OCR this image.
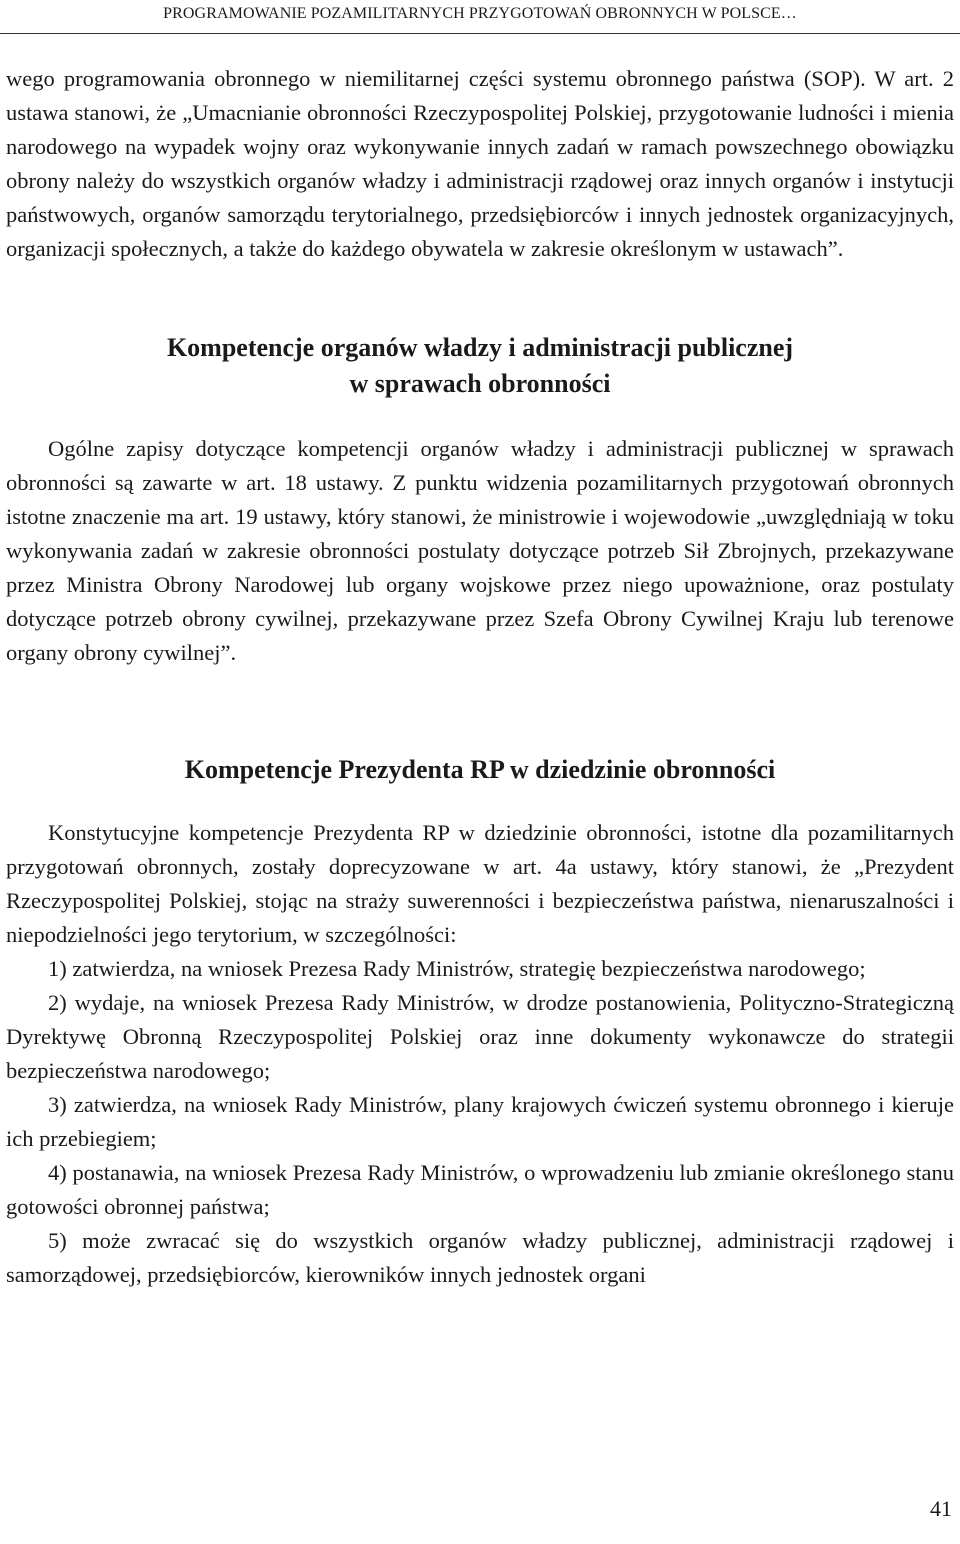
PROGRAMOWANIE POZAMILITARNYCH PRZYGOTOWAŃ OBRONNYCH W POLSCE…

wego programowania obronnego w niemilitarnej części systemu obronnego państwa (SOP). W art. 2 ustawa stanowi, że „Umacnianie obronności Rzeczypospolitej Polskiej, przygotowanie ludności i mienia narodowego na wypadek wojny oraz wykonywanie innych zadań w ramach powszechnego obowiązku obrony należy do wszystkich organów władzy i administracji rządowej oraz innych organów i instytucji państwowych, organów samorządu terytorialnego, przedsiębiorców i innych jednostek organizacyjnych, organizacji społecznych, a także do każdego obywatela w zakresie określonym w ustawach”.

Kompetencje organów władzy i administracji publicznej
w sprawach obronności

Ogólne zapisy dotyczące kompetencji organów władzy i administracji publicznej w sprawach obronności są zawarte w art. 18 ustawy. Z punktu widzenia pozamilitarnych przygotowań obronnych istotne znaczenie ma art. 19 ustawy, który stanowi, że ministrowie i wojewodowie „uwzględniają w toku wykonywania zadań w zakresie obronności postulaty dotyczące potrzeb Sił Zbrojnych, przekazywane przez Ministra Obrony Narodowej lub organy wojskowe przez niego upoważnione, oraz postulaty dotyczące potrzeb obrony cywilnej, przekazywane przez Szefa Obrony Cywilnej Kraju lub terenowe organy obrony cywilnej”.

Kompetencje Prezydenta RP w dziedzinie obronności

Konstytucyjne kompetencje Prezydenta RP w dziedzinie obronności, istotne dla pozamilitarnych przygotowań obronnych, zostały doprecyzowane w art. 4a ustawy, który stanowi, że „Prezydent Rzeczypospolitej Polskiej, stojąc na straży suwerenności i bezpieczeństwa państwa, nienaruszalności i niepodzielności jego terytorium, w szczególności:

1) zatwierdza, na wniosek Prezesa Rady Ministrów, strategię bezpieczeństwa narodowego;
2) wydaje, na wniosek Prezesa Rady Ministrów, w drodze postanowienia, Polityczno-Strategiczną Dyrektywę Obronną Rzeczypospolitej Polskiej oraz inne dokumenty wykonawcze do strategii bezpieczeństwa narodowego;
3) zatwierdza, na wniosek Rady Ministrów, plany krajowych ćwiczeń systemu obronnego i kieruje ich przebiegiem;
4) postanawia, na wniosek Prezesa Rady Ministrów, o wprowadzeniu lub zmianie określonego stanu gotowości obronnej państwa;
5) może zwracać się do wszystkich organów władzy publicznej, administracji rządowej i samorządowej, przedsiębiorców, kierowników innych jednostek organi
41
